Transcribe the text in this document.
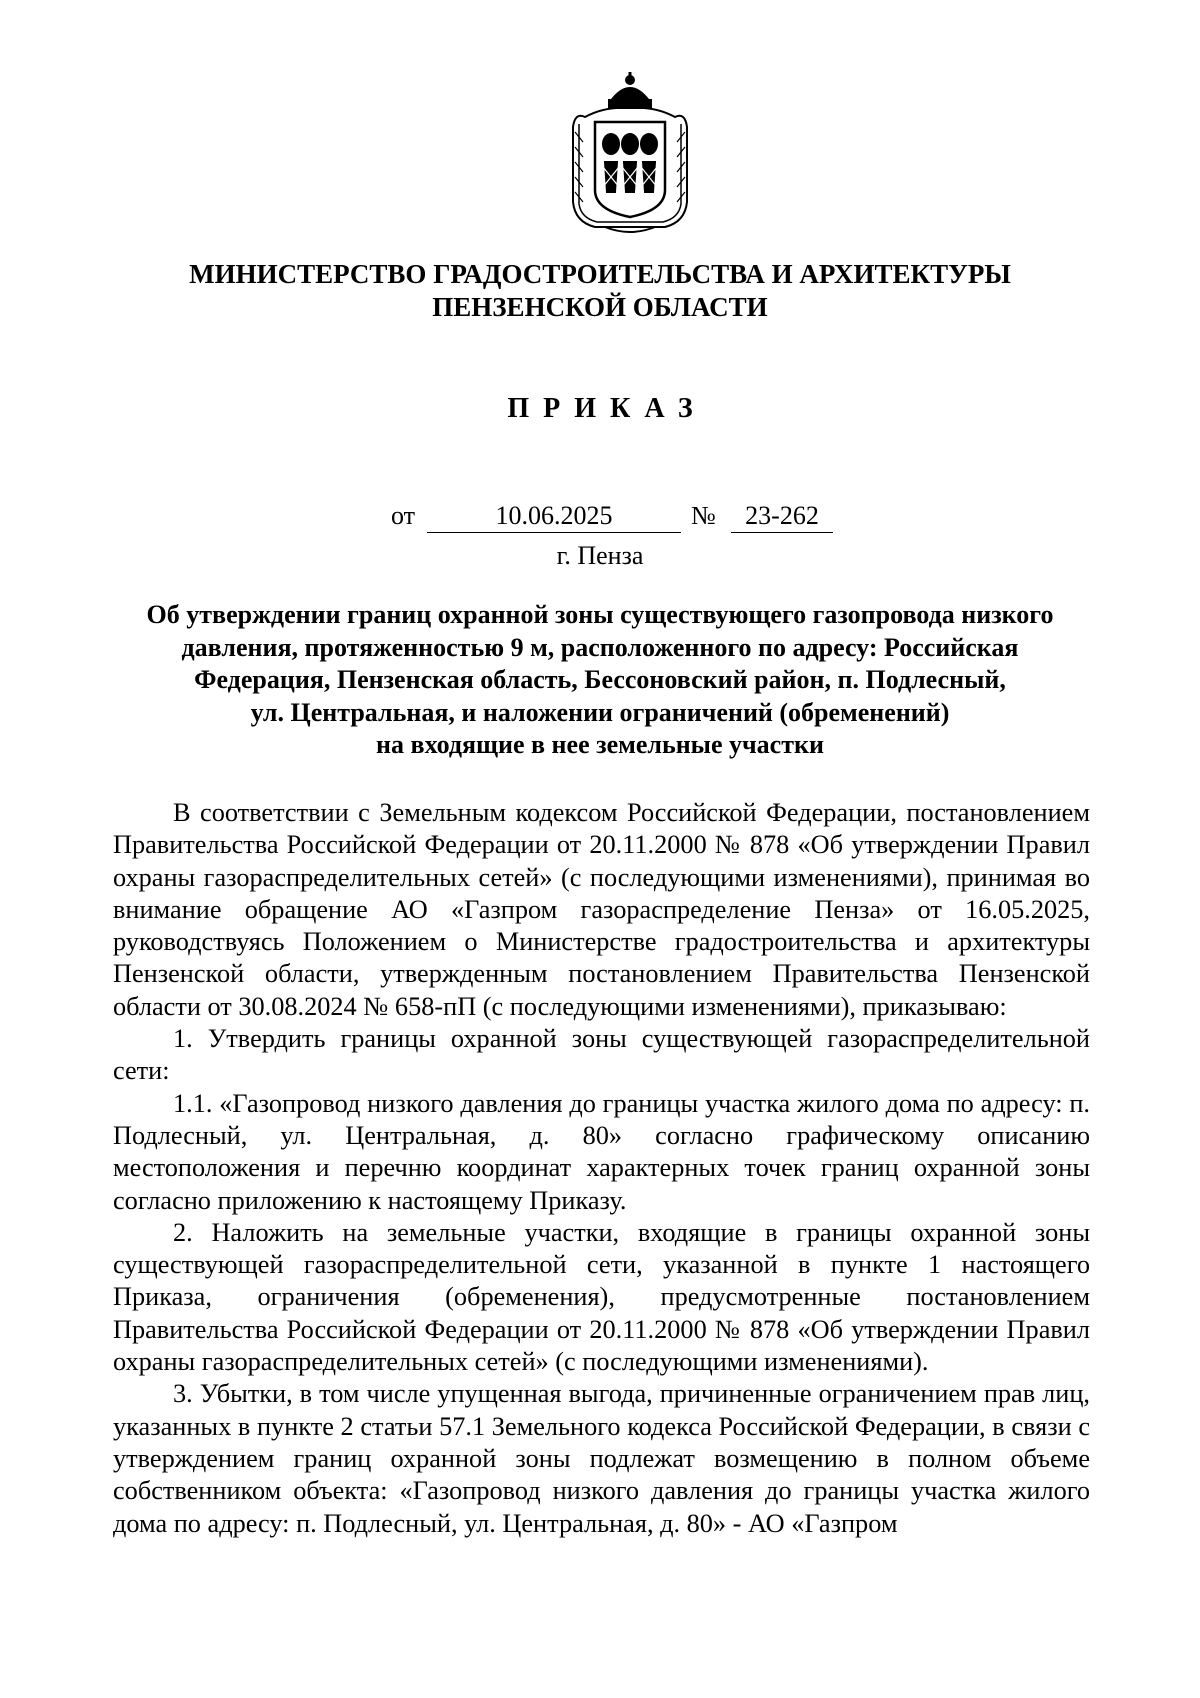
МИНИСТЕРСТВО ГРАДОСТРОИТЕЛЬСТВА И АРХИТЕКТУРЫ
ПЕНЗЕНСКОЙ ОБЛАСТИ
ПРИКАЗ
от	10.06.2025	№	23-262
г. Пенза
Об утверждении границ охранной зоны существующего газопровода низкого
давления, протяженностью 9 м, расположенного по адресу: Российская
Федерация, Пензенская область, Бессоновский район, п. Подлесный,
ул. Центральная, и наложении ограничений (обременений)
на входящие в нее земельные участки

В соответствии с Земельным кодексом Российской Федерации, постановлением Правительства Российской Федерации от 20.11.2000 № 878 «Об утверждении Правил охраны газораспределительных сетей» (с последующими изменениями), принимая во внимание обращение АО «Газпром газораспределение Пенза» от 16.05.2025, руководствуясь Положением о Министерстве градостроительства и архитектуры Пензенской области, утвержденным постановлением Правительства Пензенской области от 30.08.2024 № 658-пП (с последующими изменениями), приказываю:

1. Утвердить границы охранной зоны существующей газораспределительной сети:

1.1. «Газопровод низкого давления до границы участка жилого дома по адресу: п. Подлесный, ул. Центральная, д. 80» согласно графическому описанию местоположения и перечню координат характерных точек границ охранной зоны согласно приложению к настоящему Приказу.

2. Наложить на земельные участки, входящие в границы охранной зоны существующей газораспределительной сети, указанной в пункте 1 настоящего Приказа, ограничения (обременения), предусмотренные постановлением Правительства Российской Федерации от 20.11.2000 № 878 «Об утверждении Правил охраны газораспределительных сетей» (с последующими изменениями).

3. Убытки, в том числе упущенная выгода, причиненные ограничением прав лиц, указанных в пункте 2 статьи 57.1 Земельного кодекса Российской Федерации, в связи с утверждением границ охранной зоны подлежат возмещению в полном объеме собственником объекта: «Газопровод низкого давления до границы участка жилого дома по адресу: п. Подлесный, ул. Центральная, д. 80» - АО «Газпром
